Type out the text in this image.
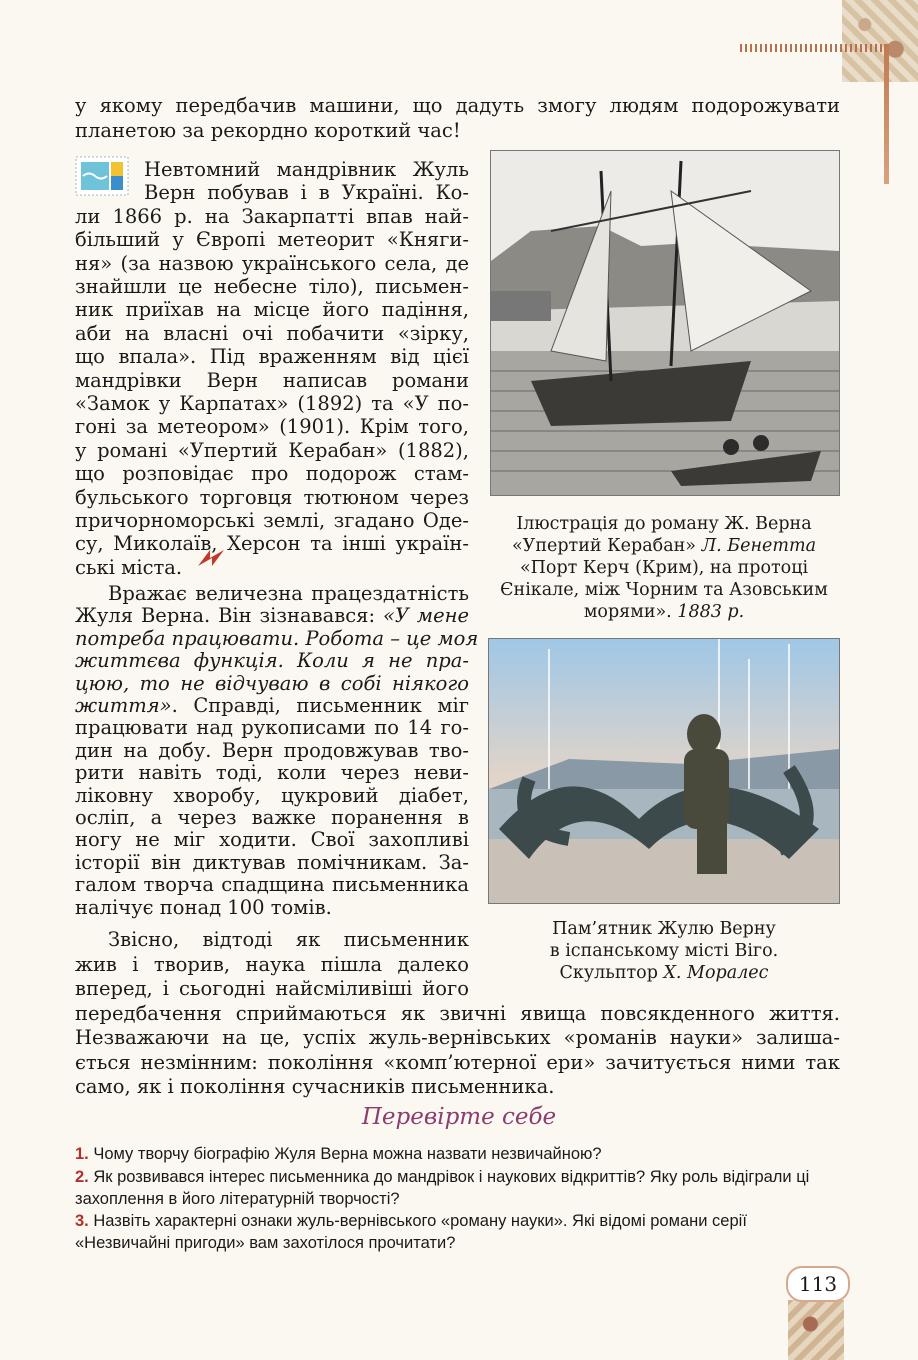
у якому передбачив машини, що дадуть змогу людям подорожувати
планетою за рекордно короткий час!
Невтомний мандрівник Жуль
Верн побував і в Україні. Ко-
ли 1866 р. на Закарпатті впав най-
більший у Європі метеорит «Княги-
ня» (за назвою українського села, де
знайшли це небесне тіло), письмен-
ник приїхав на місце його падіння,
аби на власні очі побачити «зірку,
що впала». Під враженням від цієї
мандрівки Верн написав романи
«Замок у Карпатах» (1892) та «У по-
гоні за метеором» (1901). Крім того,
у романі «Упертий Керабан» (1882),
що розповідає про подорож стам-
бульського торговця тютюном через
причорноморські землі, згадано Оде-
су, Миколаїв, Херсон та інші україн-
ські міста.
Вражає величезна працездатність
Жуля Верна. Він зізнавався: «У мене
потреба працювати. Робота – це моя
життєва функція. Коли я не пра-
цюю, то не відчуваю в собі ніякого
життя». Справді, письменник міг
працювати над рукописами по 14 го-
дин на добу. Верн продовжував тво-
рити навіть тоді, коли через неви-
ліковну хворобу, цукровий діабет,
осліп, а через важке поранення в
ногу не міг ходити. Свої захопливі
історії він диктував помічникам. За-
галом творча спадщина письменника
налічує понад 100 томів.
Звісно, відтоді як письменник
жив і творив, наука пішла далеко
вперед, і сьогодні найсміливіші його
передбачення сприймаються як звичні явища повсякденного життя.
Незважаючи на це, успіх жуль-вернівських «романів науки» залиша-
ється незмінним: покоління «комп’ютерної ери» зачитується ними так
само, як і покоління сучасників письменника.
Ілюстрація до роману Ж. Верна
«Упертий Керабан» Л. Бенетта
«Порт Керч (Крим), на протоці
Єнікале, між Чорним та Азовським
морями». 1883 р.
Пам’ятник Жулю Верну
в іспанському місті Віго.
Скульптор Х. Моралес
Перевірте себе
1. Чому творчу біографію Жуля Верна можна назвати незвичайною?
2. Як розвивався інтерес письменника до мандрівок і наукових відкриттів? Яку роль відіграли ці захоплення в його літературній творчості?
3. Назвіть характерні ознаки жуль-вернівського «роману науки». Які відомі романи серії «Незвичайні пригоди» вам захотілося прочитати?
113
